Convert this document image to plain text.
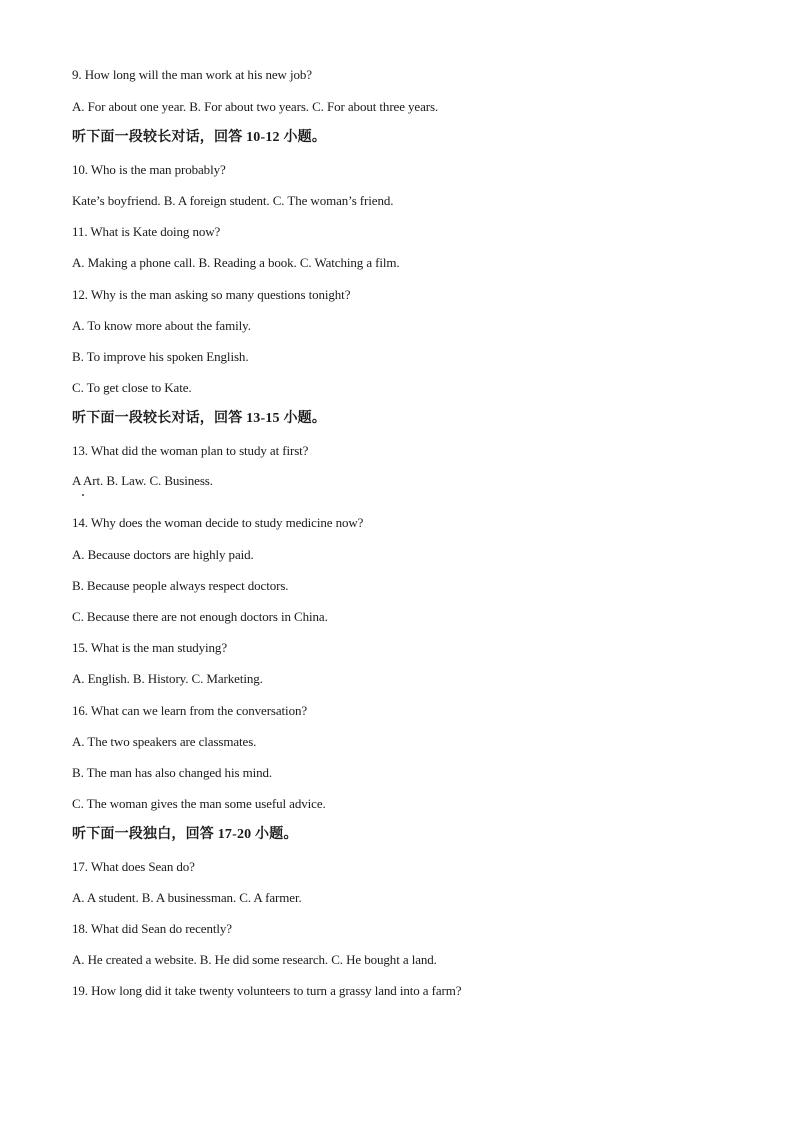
9. How long will the man work at his new job?
A. For about one year. B. For about two years. C. For about three years.
听下面一段较长对话，回答 10-12 小题。
10. Who is the man probably?
Kate’s boyfriend. B. A foreign student. C. The woman’s friend.
11. What is Kate doing now?
A. Making a phone call. B. Reading a book. C. Watching a film.
12. Why is the man asking so many questions tonight?
A. To know more about the family.
B. To improve his spoken English.
C. To get close to Kate.
听下面一段较长对话，回答 13-15 小题。
13. What did the woman plan to study at first?
A Art. B. Law. C. Business.
14. Why does the woman decide to study medicine now?
A. Because doctors are highly paid.
B. Because people always respect doctors.
C. Because there are not enough doctors in China.
15. What is the man studying?
A. English. B. History. C. Marketing.
16. What can we learn from the conversation?
A. The two speakers are classmates.
B. The man has also changed his mind.
C. The woman gives the man some useful advice.
听下面一段独白，回答 17-20 小题。
17. What does Sean do?
A. A student. B. A businessman. C. A farmer.
18. What did Sean do recently?
A. He created a website. B. He did some research. C. He bought a land.
19. How long did it take twenty volunteers to turn a grassy land into a farm?
